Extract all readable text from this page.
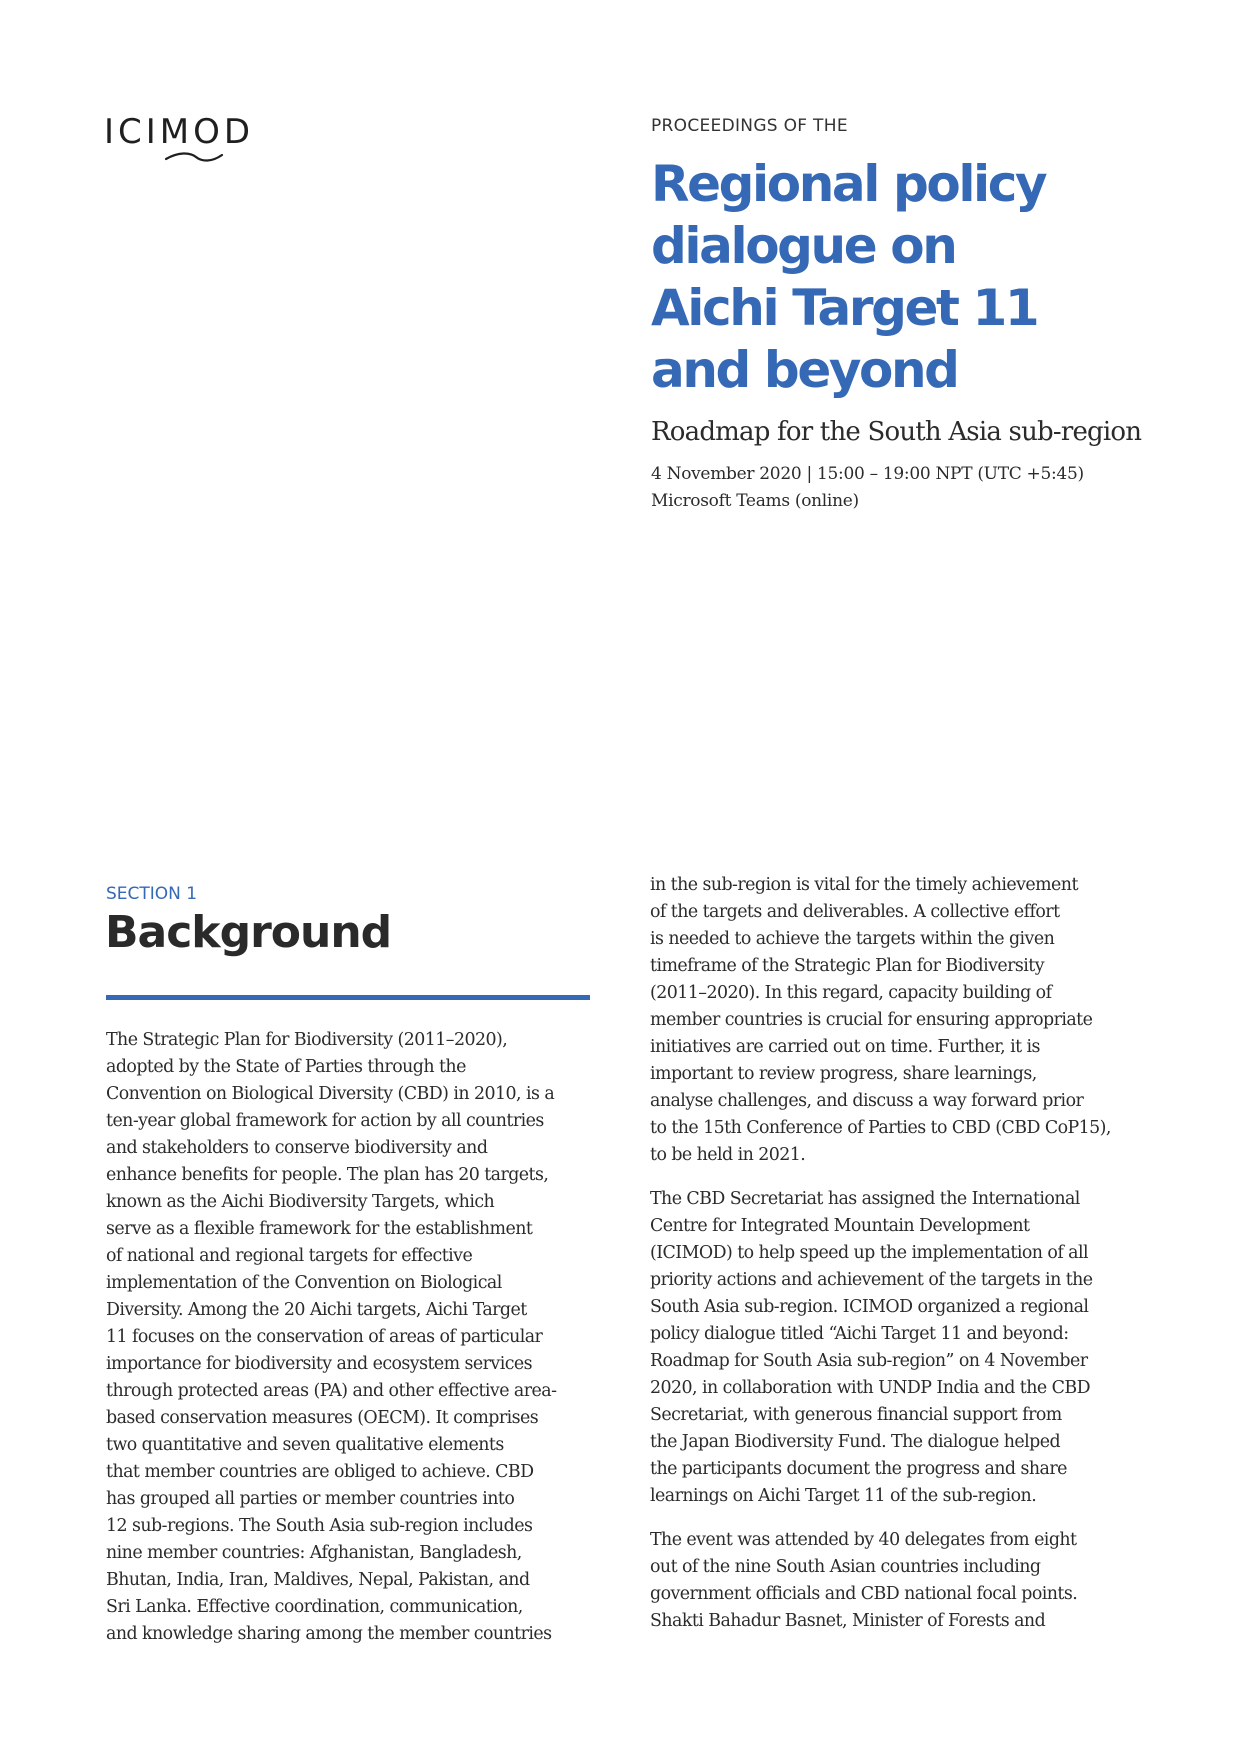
ICIMOD	PROCEEDINGS OF THE
Regional policy
dialogue on
Aichi Target 11
and beyond
Roadmap for the South Asia sub-region
4 November 2020 | 15:00 – 19:00 NPT (UTC +5:45)
Microsoft Teams (online)
SECTION 1
Background
The Strategic Plan for Biodiversity (2011–2020),
adopted by the State of Parties through the
Convention on Biological Diversity (CBD) in 2010, is a
ten-year global framework for action by all countries
and stakeholders to conserve biodiversity and
enhance benefits for people. The plan has 20 targets,
known as the Aichi Biodiversity Targets, which
serve as a flexible framework for the establishment
of national and regional targets for effective
implementation of the Convention on Biological
Diversity. Among the 20 Aichi targets, Aichi Target
11 focuses on the conservation of areas of particular
importance for biodiversity and ecosystem services
through protected areas (PA) and other effective area-
based conservation measures (OECM). It comprises
two quantitative and seven qualitative elements
that member countries are obliged to achieve. CBD
has grouped all parties or member countries into
12 sub-regions. The South Asia sub-region includes
nine member countries: Afghanistan, Bangladesh,
Bhutan, India, Iran, Maldives, Nepal, Pakistan, and
Sri Lanka. Effective coordination, communication,
and knowledge sharing among the member countries
in the sub-region is vital for the timely achievement
of the targets and deliverables. A collective effort
is needed to achieve the targets within the given
timeframe of the Strategic Plan for Biodiversity
(2011–2020). In this regard, capacity building of
member countries is crucial for ensuring appropriate
initiatives are carried out on time. Further, it is
important to review progress, share learnings,
analyse challenges, and discuss a way forward prior
to the 15th Conference of Parties to CBD (CBD CoP15),
to be held in 2021.
The CBD Secretariat has assigned the International
Centre for Integrated Mountain Development
(ICIMOD) to help speed up the implementation of all
priority actions and achievement of the targets in the
South Asia sub-region. ICIMOD organized a regional
policy dialogue titled “Aichi Target 11 and beyond:
Roadmap for South Asia sub-region” on 4 November
2020, in collaboration with UNDP India and the CBD
Secretariat, with generous financial support from
the Japan Biodiversity Fund. The dialogue helped
the participants document the progress and share
learnings on Aichi Target 11 of the sub-region.
The event was attended by 40 delegates from eight
out of the nine South Asian countries including
government officials and CBD national focal points.
Shakti Bahadur Basnet, Minister of Forests and
